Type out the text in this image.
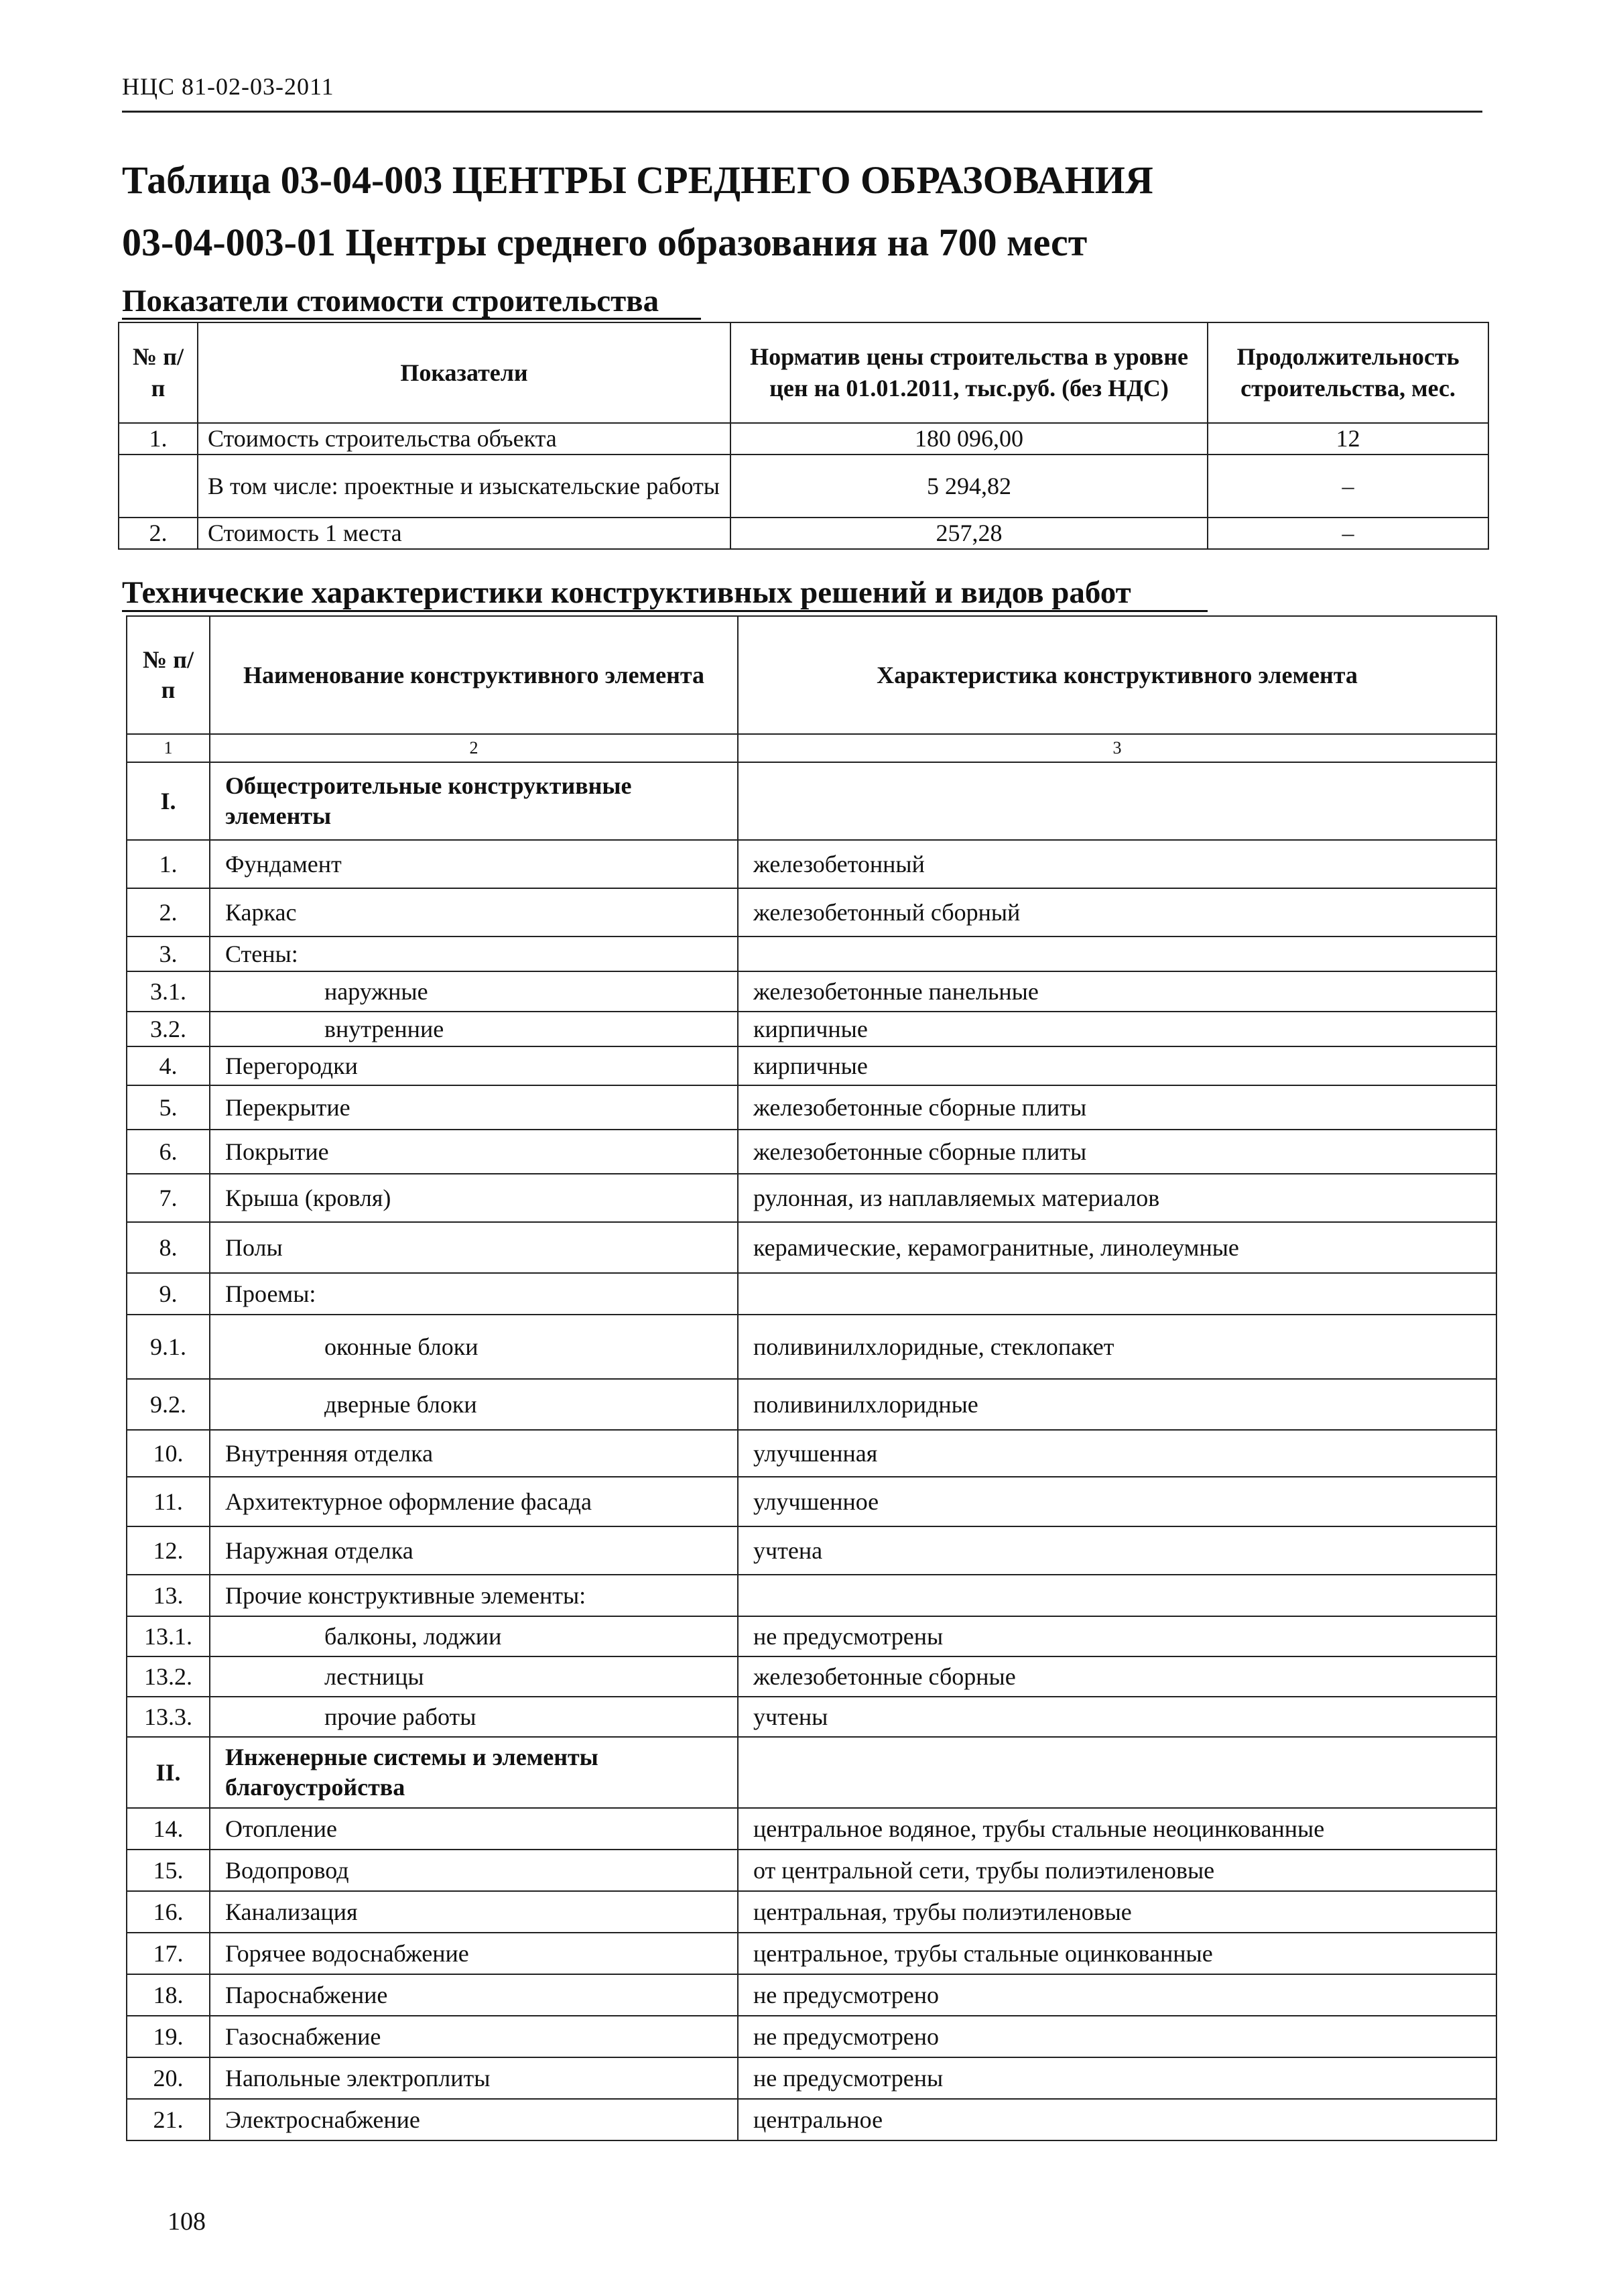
НЦС 81-02-03-2011
Таблица 03-04-003 ЦЕНТРЫ СРЕДНЕГО ОБРАЗОВАНИЯ
03-04-003-01 Центры среднего образования на 700 мест
Показатели стоимости строительства
№ п/п	Показатели	Норматив цены строительства в уровне цен на 01.01.2011, тыс.руб. (без НДС)	Продолжительность строительства, мес.
1.	Стоимость строительства объекта	180 096,00	12
	В том числе: проектные и изыскательские работы	5 294,82	–
2.	Стоимость 1 места	257,28	–
Технические характеристики конструктивных решений и видов работ
№ п/п	Наименование конструктивного элемента	Характеристика конструктивного элемента
1	2	3
I.	Общестроительные конструктивные элементы	
1.	Фундамент	железобетонный
2.	Каркас	железобетонный сборный
3.	Стены:	
3.1.	наружные	железобетонные панельные
3.2.	внутренние	кирпичные
4.	Перегородки	кирпичные
5.	Перекрытие	железобетонные сборные плиты
6.	Покрытие	железобетонные сборные плиты
7.	Крыша (кровля)	рулонная, из наплавляемых материалов
8.	Полы	керамические, керамогранитные, линолеумные
9.	Проемы:	
9.1.	оконные блоки	поливинилхлоридные, стеклопакет
9.2.	дверные блоки	поливинилхлоридные
10.	Внутренняя отделка	улучшенная
11.	Архитектурное оформление фасада	улучшенное
12.	Наружная отделка	учтена
13.	Прочие конструктивные элементы:	
13.1.	балконы, лоджии	не предусмотрены
13.2.	лестницы	железобетонные сборные
13.3.	прочие работы	учтены
II.	Инженерные системы и элементы благоустройства	
14.	Отопление	центральное водяное, трубы стальные неоцинкованные
15.	Водопровод	от центральной сети, трубы полиэтиленовые
16.	Канализация	центральная, трубы полиэтиленовые
17.	Горячее водоснабжение	центральное, трубы стальные оцинкованные
18.	Пароснабжение	не предусмотрено
19.	Газоснабжение	не предусмотрено
20.	Напольные электроплиты	не предусмотрены
21.	Электроснабжение	центральное
108
